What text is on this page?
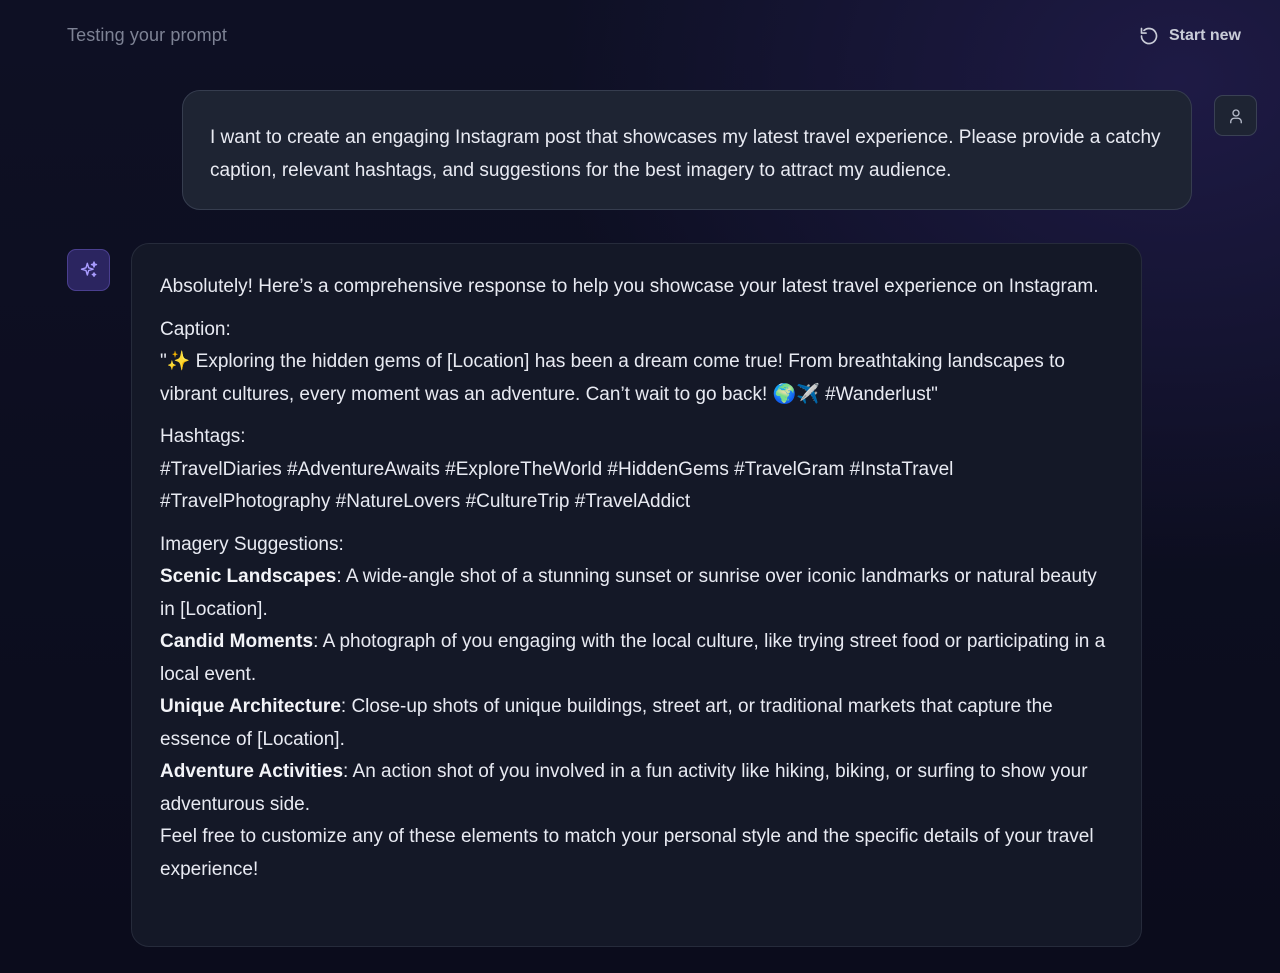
Testing your prompt	Start new
I want to create an engaging Instagram post that showcases my latest travel experience. Please provide a catchy caption, relevant hashtags, and suggestions for the best imagery to attract my audience.

Absolutely! Here’s a comprehensive response to help you showcase your latest travel experience on Instagram.

Caption:

"✨ Exploring the hidden gems of [Location] has been a dream come true! From breathtaking landscapes to vibrant cultures, every moment was an adventure. Can’t wait to go back! 🌍✈️ #Wanderlust"

Hashtags:

#TravelDiaries #AdventureAwaits #ExploreTheWorld #HiddenGems #TravelGram #InstaTravel #TravelPhotography #NatureLovers #CultureTrip #TravelAddict

Imagery Suggestions:

Scenic Landscapes: A wide-angle shot of a stunning sunset or sunrise over iconic landmarks or natural beauty in [Location].

Candid Moments: A photograph of you engaging with the local culture, like trying street food or participating in a local event.

Unique Architecture: Close-up shots of unique buildings, street art, or traditional markets that capture the essence of [Location].

Adventure Activities: An action shot of you involved in a fun activity like hiking, biking, or surfing to show your adventurous side.

Feel free to customize any of these elements to match your personal style and the specific details of your travel experience!
